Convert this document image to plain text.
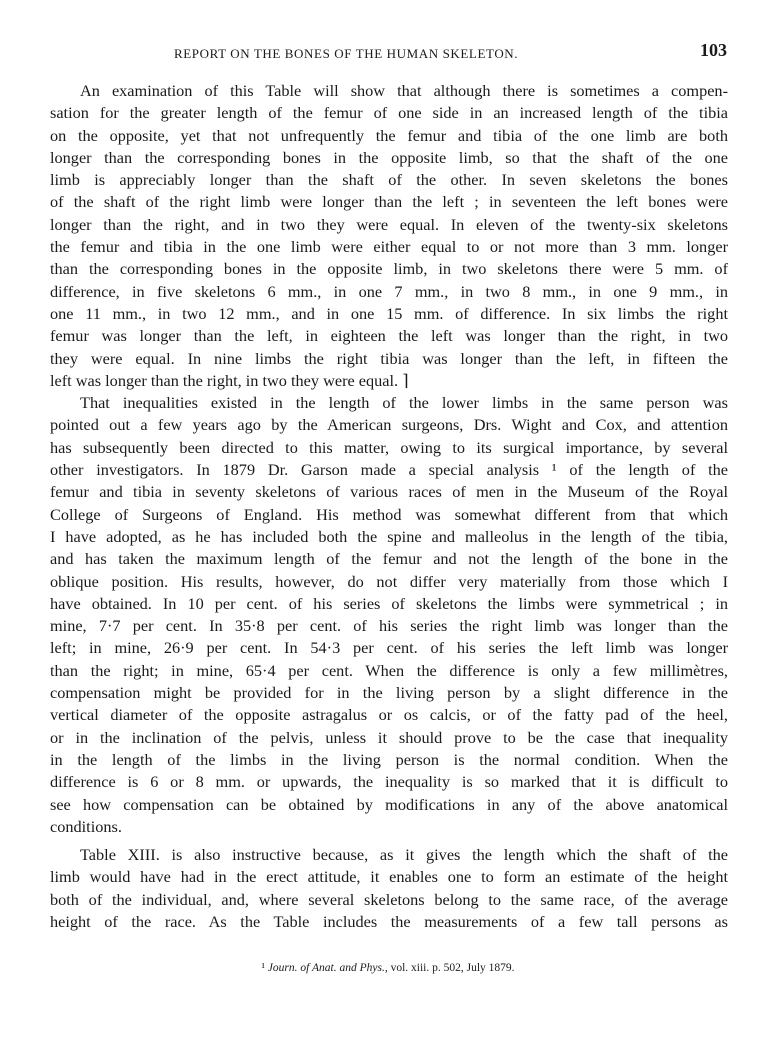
REPORT ON THE BONES OF THE HUMAN SKELETON.	103
An examination of this Table will show that although there is sometimes a compen-
sation for the greater length of the femur of one side in an increased length of the tibia
on the opposite, yet that not unfrequently the femur and tibia of the one limb are both
longer than the corresponding bones in the opposite limb, so that the shaft of the one
limb is appreciably longer than the shaft of the other. In seven skeletons the bones
of the shaft of the right limb were longer than the left ; in seventeen the left bones were
longer than the right, and in two they were equal. In eleven of the twenty-six skeletons
the femur and tibia in the one limb were either equal to or not more than 3 mm. longer
than the corresponding bones in the opposite limb, in two skeletons there were 5 mm. of
difference, in five skeletons 6 mm., in one 7 mm., in two 8 mm., in one 9 mm., in
one 11 mm., in two 12 mm., and in one 15 mm. of difference. In six limbs the right
femur was longer than the left, in eighteen the left was longer than the right, in two
they were equal. In nine limbs the right tibia was longer than the left, in fifteen the
left was longer than the right, in two they were equal. ⌉
That inequalities existed in the length of the lower limbs in the same person was
pointed out a few years ago by the American surgeons, Drs. Wight and Cox, and attention
has subsequently been directed to this matter, owing to its surgical importance, by several
other investigators. In 1879 Dr. Garson made a special analysis ¹ of the length of the
femur and tibia in seventy skeletons of various races of men in the Museum of the Royal
College of Surgeons of England. His method was somewhat different from that which
I have adopted, as he has included both the spine and malleolus in the length of the tibia,
and has taken the maximum length of the femur and not the length of the bone in the
oblique position. His results, however, do not differ very materially from those which I
have obtained. In 10 per cent. of his series of skeletons the limbs were symmetrical ; in
mine, 7·7 per cent. In 35·8 per cent. of his series the right limb was longer than the
left; in mine, 26·9 per cent. In 54·3 per cent. of his series the left limb was longer
than the right; in mine, 65·4 per cent. When the difference is only a few millimètres,
compensation might be provided for in the living person by a slight difference in the
vertical diameter of the opposite astragalus or os calcis, or of the fatty pad of the heel,
or in the inclination of the pelvis, unless it should prove to be the case that inequality
in the length of the limbs in the living person is the normal condition. When the
difference is 6 or 8 mm. or upwards, the inequality is so marked that it is difficult to
see how compensation can be obtained by modifications in any of the above anatomical
conditions.
Table XIII. is also instructive because, as it gives the length which the shaft of the
limb would have had in the erect attitude, it enables one to form an estimate of the height
both of the individual, and, where several skeletons belong to the same race, of the average
height of the race. As the Table includes the measurements of a few tall persons as
¹ Journ. of Anat. and Phys., vol. xiii. p. 502, July 1879.
